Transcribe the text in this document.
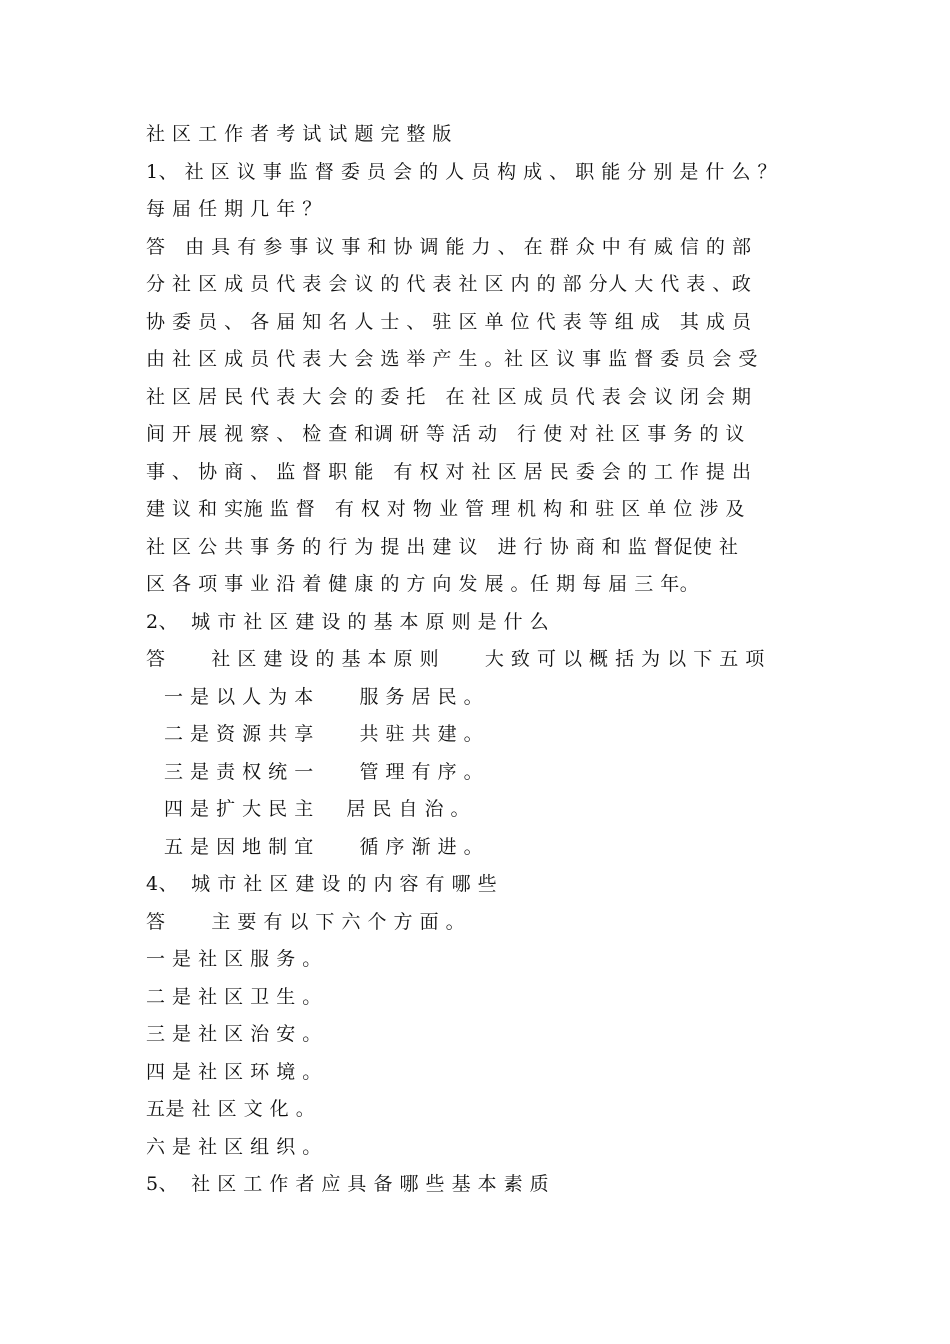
社 区 工 作 者 考 试 试 题 完 整 版
1、 社 区 议 事 监 督 委 员 会 的 人 员 构 成 、 职 能 分 别 是 什 么 ？
每 届 任 期 几 年 ？
答   由 具 有 参 事 议 事 和 协 调 能 力 、 在 群 众 中 有 威 信 的 部
分 社 区 成 员 代 表 会 议 的 代 表 社 区 内 的 部 分人 大 代 表 、政
协 委 员 、 各 届 知 名 人 士 、 驻 区 单 位 代 表 等 组 成   其 成 员
由 社 区 成 员 代 表 大 会 选 举 产 生 。社 区 议 事 监 督 委 员 会 受
社 区 居 民 代 表 大 会 的 委 托   在 社 区 成 员 代 表 会 议 闭 会 期
间 开 展 视 察 、 检 查 和调 研 等 活 动   行 使 对 社 区 事 务 的 议
事 、 协 商 、 监 督 职 能   有 权 对 社 区 居 民 委 会 的 工 作 提 出
建 议 和 实施 监 督   有 权 对 物 业 管 理 机 构 和 驻 区 单 位 涉 及
社 区 公 共 事 务 的 行 为 提 出 建 议   进 行 协 商 和 监 督促使 社
区 各 项 事 业 沿 着 健 康 的 方 向 发 展 。任 期 每 届 三 年。
2、  城 市 社 区 建 设 的 基 本 原 则 是 什 么
答       社 区 建 设 的 基 本 原 则       大 致 可 以 概 括 为 以 下 五 项
一 是 以 人 为 本       服 务 居 民 。
二 是 资 源 共 享       共 驻 共 建 。
三 是 责 权 统 一       管 理 有 序 。
四 是 扩 大 民 主     居 民 自 治 。
五 是 因 地 制 宜       循 序 渐 进 。
4、  城 市 社 区 建 设 的 内 容 有 哪 些
答       主 要 有 以 下 六 个 方 面 。
一 是 社 区 服 务 。
二 是 社 区 卫 生 。
三 是 社 区 治 安 。
四 是 社 区 环 境 。
五是 社 区 文 化 。
六 是 社 区 组 织 。
5、  社 区 工 作 者 应 具 备 哪 些 基 本 素 质
